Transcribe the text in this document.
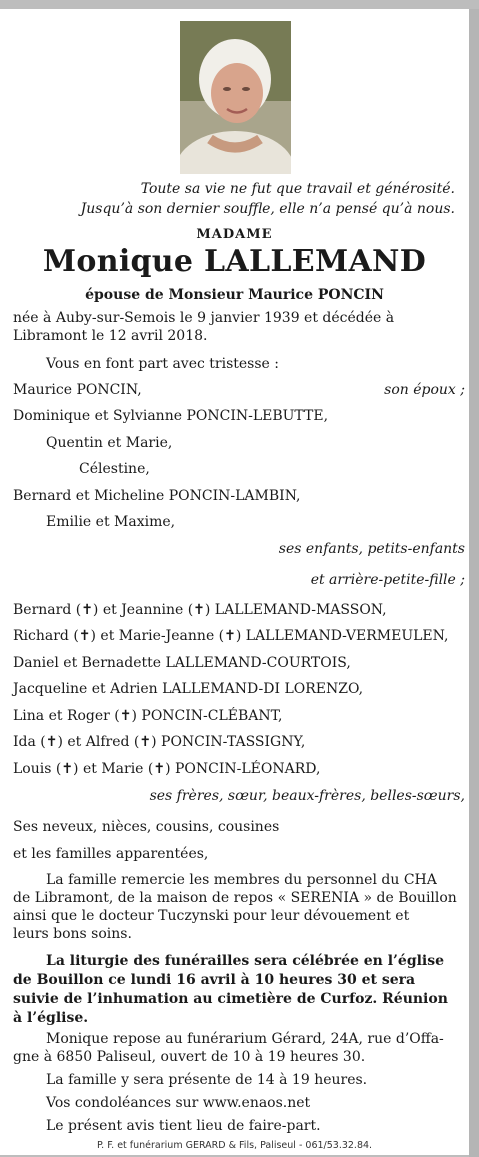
Toute sa vie ne fut que travail et générosité.
Jusqu’à son dernier souffle, elle n’a pensé qu’à nous.
MADAME
Monique LALLEMAND
épouse de Monsieur Maurice PONCIN
née à Auby-sur-Semois le 9 janvier 1939 et décédée à
Libramont le 12 avril 2018.
Vous en font part avec tristesse :
Maurice PONCIN,	son époux ;
Dominique et Sylvianne PONCIN-LEBUTTE,
Quentin et Marie,
Célestine,
Bernard et Micheline PONCIN-LAMBIN,
Emilie et Maxime,
ses enfants, petits-enfants
et arrière-petite-fille ;
Bernard (✝) et Jeannine (✝) LALLEMAND-MASSON,
Richard (✝) et Marie-Jeanne (✝) LALLEMAND-VERMEULEN,
Daniel et Bernadette LALLEMAND-COURTOIS,
Jacqueline et Adrien LALLEMAND-DI LORENZO,
Lina et Roger (✝) PONCIN-CLÉBANT,
Ida (✝) et Alfred (✝) PONCIN-TASSIGNY,
Louis (✝) et Marie (✝) PONCIN-LÉONARD,
ses frères, sœur, beaux-frères, belles-sœurs,
Ses neveux, nièces, cousins, cousines
et les familles apparentées,
La famille remercie les membres du personnel du CHA
de Libramont, de la maison de repos « SERENIA » de Bouillon
ainsi que le docteur Tuczynski pour leur dévouement et
leurs bons soins.
La liturgie des funérailles sera célébrée en l’église
de Bouillon ce lundi 16 avril à 10 heures 30 et sera
suivie de l’inhumation au cimetière de Curfoz. Réunion
à l’église.
Monique repose au funérarium Gérard, 24A, rue d’Offa-
gne à 6850 Paliseul, ouvert de 10 à 19 heures 30.
La famille y sera présente de 14 à 19 heures.
Vos condoléances sur www.enaos.net
Le présent avis tient lieu de faire-part.
P. F. et funérarium GERARD & Fils, Paliseul - 061/53.32.84.
